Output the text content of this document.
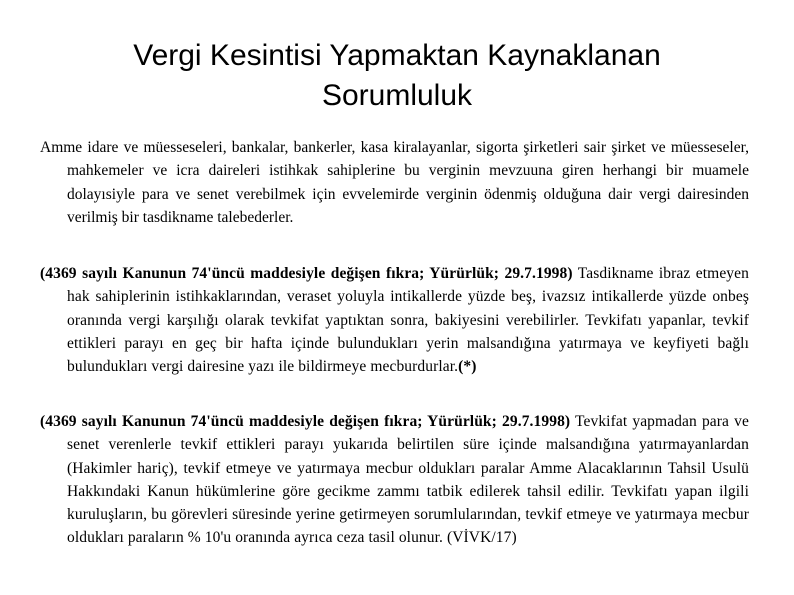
Vergi Kesintisi Yapmaktan Kaynaklanan
Sorumluluk

Amme idare ve müesseseleri, bankalar, bankerler, kasa kiralayanlar, sigorta şirketleri sair şirket ve müesseseler, mahkemeler ve icra daireleri istihkak sahiplerine bu verginin mevzuuna giren herhangi bir muamele dolayısiyle para ve senet verebilmek için evvelemirde verginin ödenmiş olduğuna dair vergi dairesinden verilmiş bir tasdikname talebederler.

(4369 sayılı Kanunun 74'üncü maddesiyle değişen fıkra; Yürürlük; 29.7.1998) Tasdikname ibraz etmeyen hak sahiplerinin istihkaklarından, veraset yoluyla intikallerde yüzde beş, ivazsız intikallerde yüzde onbeş oranında vergi karşılığı olarak tevkifat yaptıktan sonra, bakiyesini verebilirler. Tevkifatı yapanlar, tevkif ettikleri parayı en geç bir hafta içinde bulundukları yerin malsandığına yatırmaya ve keyfiyeti bağlı bulundukları vergi dairesine yazı ile bildirmeye mecburdurlar.(*)

(4369 sayılı Kanunun 74'üncü maddesiyle değişen fıkra; Yürürlük; 29.7.1998) Tevkifat yapmadan para ve senet verenlerle tevkif ettikleri parayı yukarıda belirtilen süre içinde malsandığına yatırmayanlardan (Hakimler hariç), tevkif etmeye ve yatırmaya mecbur oldukları paralar Amme Alacaklarının Tahsil Usulü Hakkındaki Kanun hükümlerine göre gecikme zammı tatbik edilerek tahsil edilir. Tevkifatı yapan ilgili kuruluşların, bu görevleri süresinde yerine getirmeyen sorumlularından, tevkif etmeye ve yatırmaya mecbur oldukları paraların % 10'u oranında ayrıca ceza tasil olunur. (VİVK/17)
